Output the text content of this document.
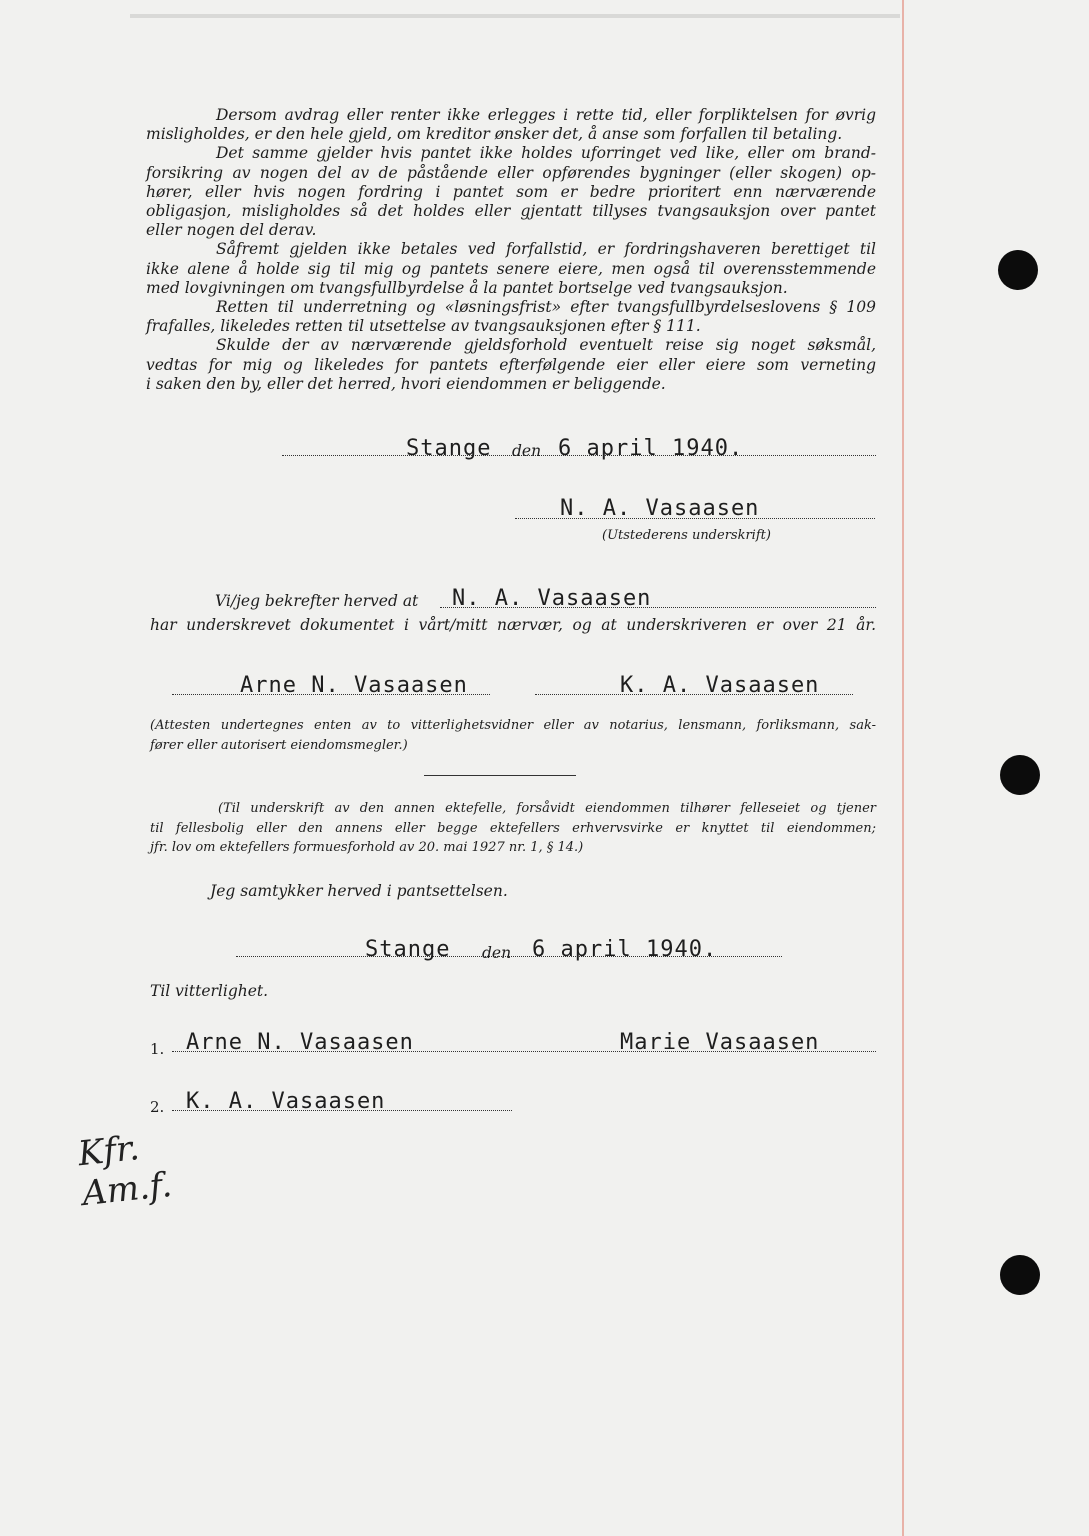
Dersom avdrag eller renter ikke erlegges i rette tid, eller forpliktelsen for øvrig
misligholdes, er den hele gjeld, om kreditor ønsker det, å anse som forfallen til betaling.
Det samme gjelder hvis pantet ikke holdes uforringet ved like, eller om brand-
forsikring av nogen del av de påstående eller opførendes bygninger (eller skogen) op-
hører, eller hvis nogen fordring i pantet som er bedre prioritert enn nærværende
obligasjon, misligholdes så det holdes eller gjentatt tillyses tvangsauksjon over pantet
eller nogen del derav.
Såfremt gjelden ikke betales ved forfallstid, er fordringshaveren berettiget til
ikke alene å holde sig til mig og pantets senere eiere, men også til overensstemmende
med lovgivningen om tvangsfullbyrdelse å la pantet bortselge ved tvangsauksjon.
Retten til underretning og «løsningsfrist» efter tvangsfullbyrdelseslovens § 109
frafalles, likeledes retten til utsettelse av tvangsauksjonen efter § 111.
Skulde der av nærværende gjeldsforhold eventuelt reise sig noget søksmål,
vedtas for mig og likeledes for pantets efterfølgende eier eller eiere som verneting
i saken den by, eller det herred, hvori eiendommen er beliggende.
Stange den 6 april 1940.
N. A. Vasaasen
(Utstederens underskrift)
Vi/jeg bekrefter herved at N. A. Vasaasen
har underskrevet dokumentet i vårt/mitt nærvær, og at underskriveren er over 21 år.
Arne N. Vasaasen	K. A. Vasaasen
(Attesten undertegnes enten av to vitterlighetsvidner eller av notarius, lensmann, forliksmann, sak-
fører eller autorisert eiendomsmegler.)
(Til underskrift av den annen ektefelle, forsåvidt eiendommen tilhører felleseiet og tjener
til fellesbolig eller den annens eller begge ektefellers erhvervsvirke er knyttet til eiendommen;
jfr. lov om ektefellers formuesforhold av 20. mai 1927 nr. 1, § 14.)
Jeg samtykker herved i pantsettelsen.
Stange den 6 april 1940.
Til vitterlighet.
1. Arne N. Vasaasen	Marie Vasaasen
2. K. A. Vasaasen
Kfr. Am.f.
